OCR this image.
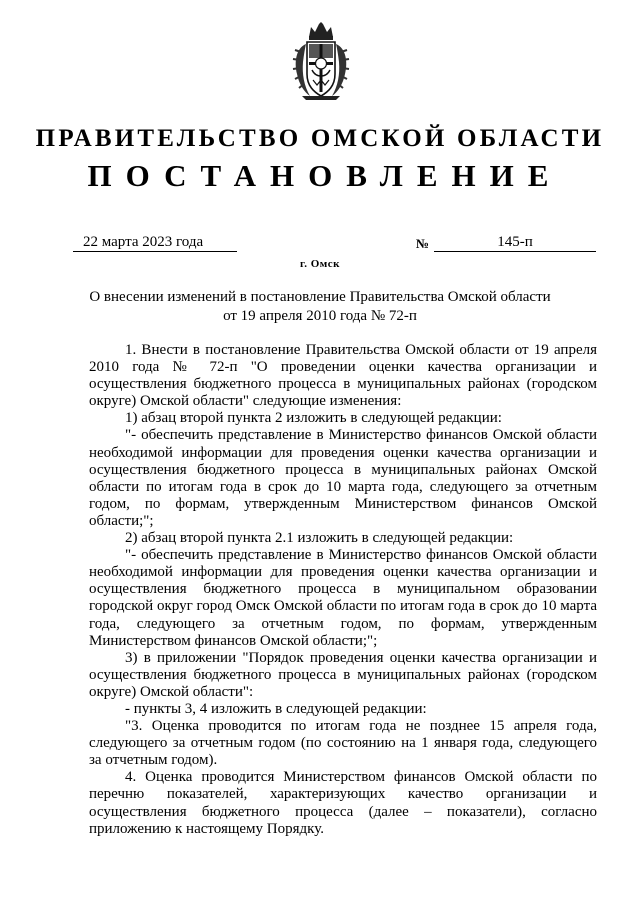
ПРАВИТЕЛЬСТВО ОМСКОЙ ОБЛАСТИ
ПОСТАНОВЛЕНИЕ
22 марта 2023 года	№	145-п
г. Омск
О внесении изменений в постановление Правительства Омской области
от 19 апреля 2010 года № 72-п

1. Внести в постановление Правительства Омской области от 19 апреля 2010 года № 72-п "О проведении оценки качества организации и осуществления бюджетного процесса в муниципальных районах (городском округе) Омской области" следующие изменения:

1) абзац второй пункта 2 изложить в следующей редакции:

"- обеспечить представление в Министерство финансов Омской области необходимой информации для проведения оценки качества организации и осуществления бюджетного процесса в муниципальных районах Омской области по итогам года в срок до 10 марта года, следующего за отчетным годом, по формам, утвержденным Министерством финансов Омской области;";

2) абзац второй пункта 2.1 изложить в следующей редакции:

"- обеспечить представление в Министерство финансов Омской области необходимой информации для проведения оценки качества организации и осуществления бюджетного процесса в муниципальном образовании городской округ город Омск Омской области по итогам года в срок до 10 марта года, следующего за отчетным годом, по формам, утвержденным Министерством финансов Омской области;";

3) в приложении "Порядок проведения оценки качества организации и осуществления бюджетного процесса в муниципальных районах (городском округе) Омской области":

- пункты 3, 4 изложить в следующей редакции:

"3. Оценка проводится по итогам года не позднее 15 апреля года, следующего за отчетным годом (по состоянию на 1 января года, следующего за отчетным годом).

4. Оценка проводится Министерством финансов Омской области по перечню показателей, характеризующих качество организации и осуществления бюджетного процесса (далее – показатели), согласно приложению к настоящему Порядку.
